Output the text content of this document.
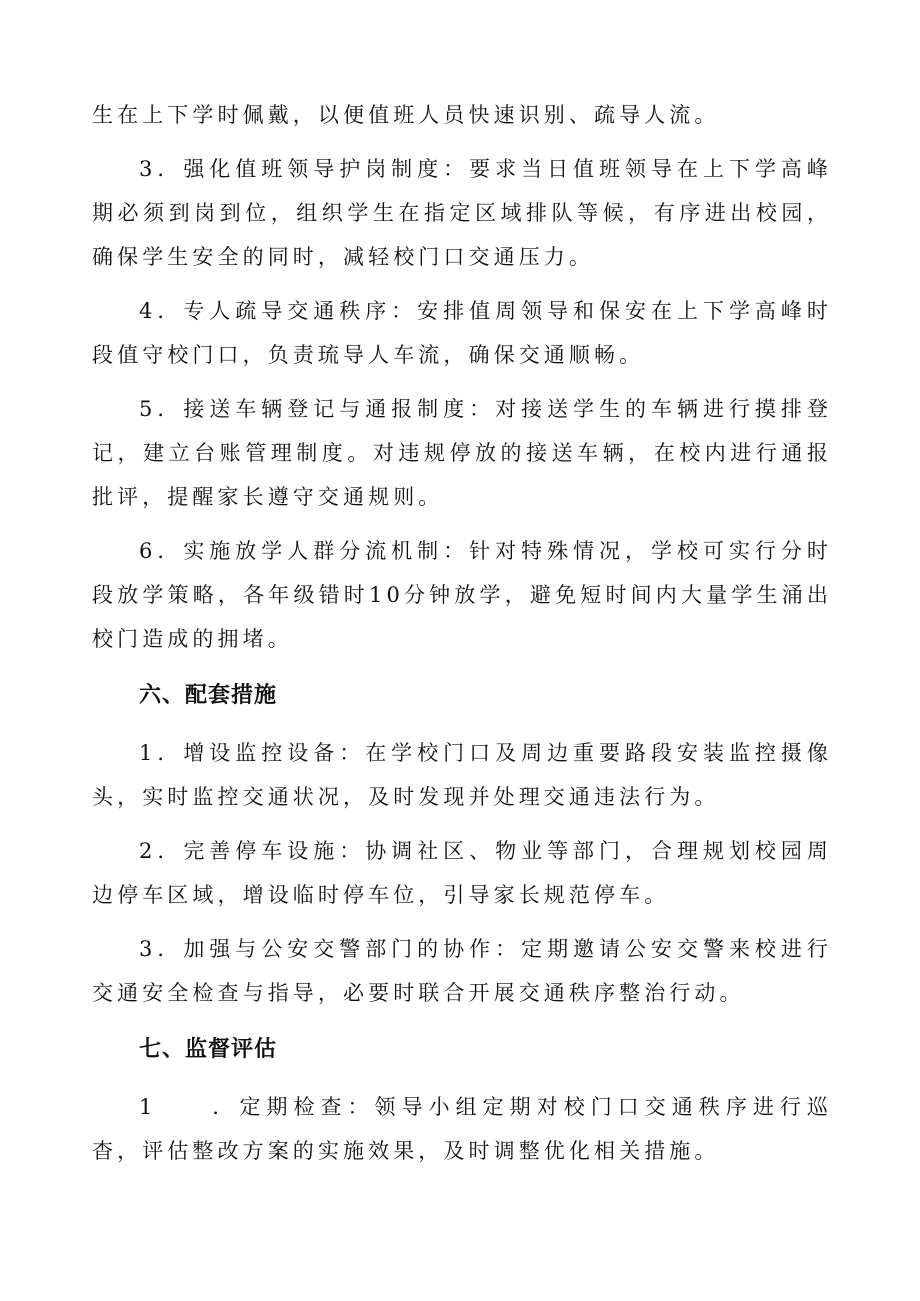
生在上下学时佩戴，以便值班人员快速识别、疏导人流。

3．强化值班领导护岗制度：要求当日值班领导在上下学高峰期必须到岗到位，组织学生在指定区域排队等候，有序进出校园，确保学生安全的同时，减轻校门口交通压力。

4．专人疏导交通秩序：安排值周领导和保安在上下学高峰时段值守校门口，负责琉导人车流，确保交通顺畅。

5．接送车辆登记与通报制度：对接送学生的车辆进行摸排登记，建立台账管理制度。对违规停放的接送车辆，在校内进行通报批评，提醒家长遵守交通规则。

6．实施放学人群分流机制：针对特殊情况，学校可实行分时段放学策略，各年级错时10分钟放学，避免短时间内大量学生涌出校门造成的拥堵。

六、配套措施

1．增设监控设备：在学校门口及周边重要路段安装监控摄像头，实时监控交通状况，及时发现并处理交通违法行为。

2．完善停车设施：协调社区、物业等部门，合理规划校园周边停车区域，增设临时停车位，引导家长规范停车。

3．加强与公安交警部门的协作：定期邀请公安交警来校进行交通安全检查与指导，必要时联合开展交通秩序整治行动。

七、监督评估

1　　．定期检查：领导小组定期对校门口交通秩序进行巡杳，评估整改方案的实施效果，及时调整优化相关措施。
